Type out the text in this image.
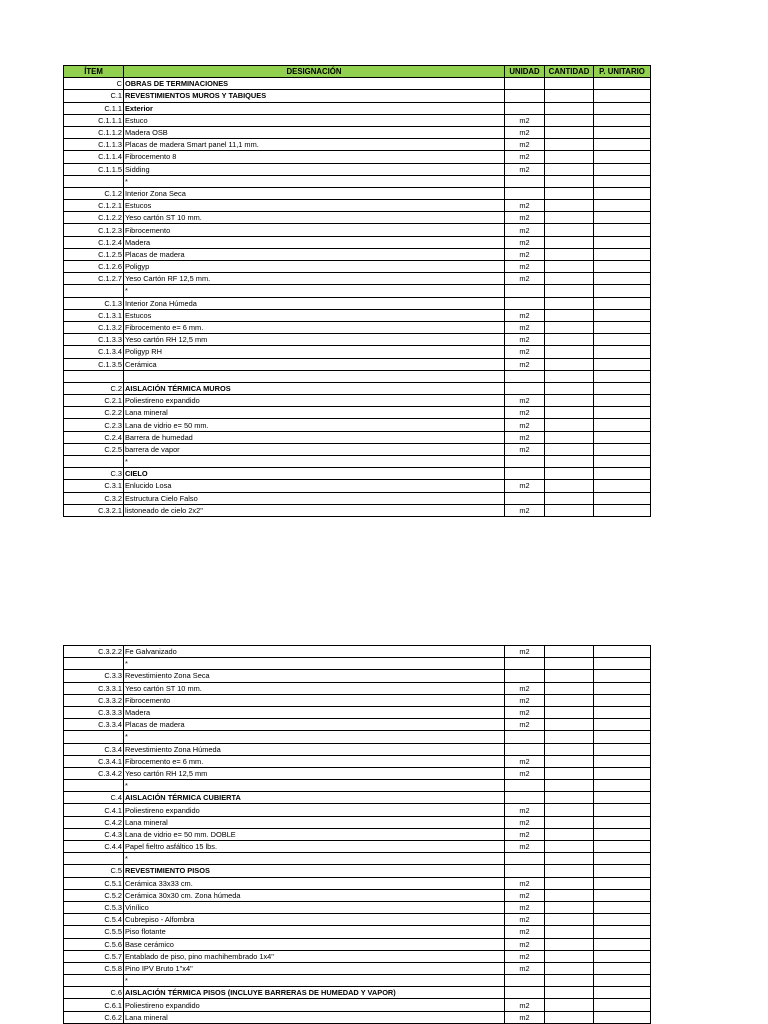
ÍTEM	DESIGNACIÓN	UNIDAD	CANTIDAD	P. UNITARIO
C	OBRAS DE TERMINACIONES			
C.1	REVESTIMIENTOS MUROS Y TABIQUES			
C.1.1	Exterior			
C.1.1.1	Estuco	m2		
C.1.1.2	Madera OSB	m2		
C.1.1.3	Placas de madera Smart panel 11,1 mm.	m2		
C.1.1.4	Fibrocemento 8	m2		
C.1.1.5	Sidding	m2		
	*			
C.1.2	Interior Zona Seca			
C.1.2.1	Estucos	m2		
C.1.2.2	Yeso cartón ST 10 mm.	m2		
C.1.2.3	Fibrocemento	m2		
C.1.2.4	Madera	m2		
C.1.2.5	Placas de madera	m2		
C.1.2.6	Poligyp	m2		
C.1.2.7	Yeso Cartón RF 12,5 mm.	m2		
	*			
C.1.3	Interior Zona Húmeda			
C.1.3.1	Estucos	m2		
C.1.3.2	Fibrocemento e= 6 mm.	m2		
C.1.3.3	Yeso cartón RH 12,5 mm	m2		
C.1.3.4	Poligyp RH	m2		
C.1.3.5	Cerámica	m2		

C.2	AISLACIÓN TÉRMICA MUROS			
C.2.1	Poliestireno expandido	m2		
C.2.2	Lana mineral	m2		
C.2.3	Lana de vidrio e= 50 mm.	m2		
C.2.4	Barrera de humedad	m2		
C.2.5	barrera de vapor	m2		
	*			
C.3	CIELO			
C.3.1	Enlucido Losa	m2		
C.3.2	Estructura Cielo Falso			
C.3.2.1	listoneado de cielo 2x2"	m2		
C.3.2.2	Fe Galvanizado	m2		
	*			
C.3.3	Revestimiento Zona Seca			
C.3.3.1	Yeso cartón ST 10 mm.	m2		
C.3.3.2	Fibrocemento	m2		
C.3.3.3	Madera	m2		
C.3.3.4	Placas de madera	m2		
	*			
C.3.4	Revestimiento Zona Húmeda			
C.3.4.1	Fibrocemento e= 6 mm.	m2		
C.3.4.2	Yeso cartón RH 12,5 mm	m2		
	*			
C.4	AISLACIÓN TÉRMICA CUBIERTA			
C.4.1	Poliestireno expandido	m2		
C.4.2	Lana mineral	m2		
C.4.3	Lana de vidrio e= 50 mm. DOBLE	m2		
C.4.4	Papel fieltro asfáltico 15 lbs.	m2		
	*			
C.5	REVESTIMIENTO PISOS			
C.5.1	Cerámica 33x33 cm.	m2		
C.5.2	Cerámica 30x30 cm. Zona húmeda	m2		
C.5.3	Vinílico	m2		
C.5.4	Cubrepiso - Alfombra	m2		
C.5.5	Piso flotante	m2		
C.5.6	Base cerámico	m2		
C.5.7	Entablado de piso, pino machihembrado 1x4"	m2		
C.5.8	Pino IPV Bruto 1"x4"	m2		
	*			
C.6	AISLACIÓN TÉRMICA PISOS (INCLUYE BARRERAS DE HUMEDAD Y VAPOR)			
C.6.1	Poliestireno expandido	m2		
C.6.2	Lana mineral	m2		
